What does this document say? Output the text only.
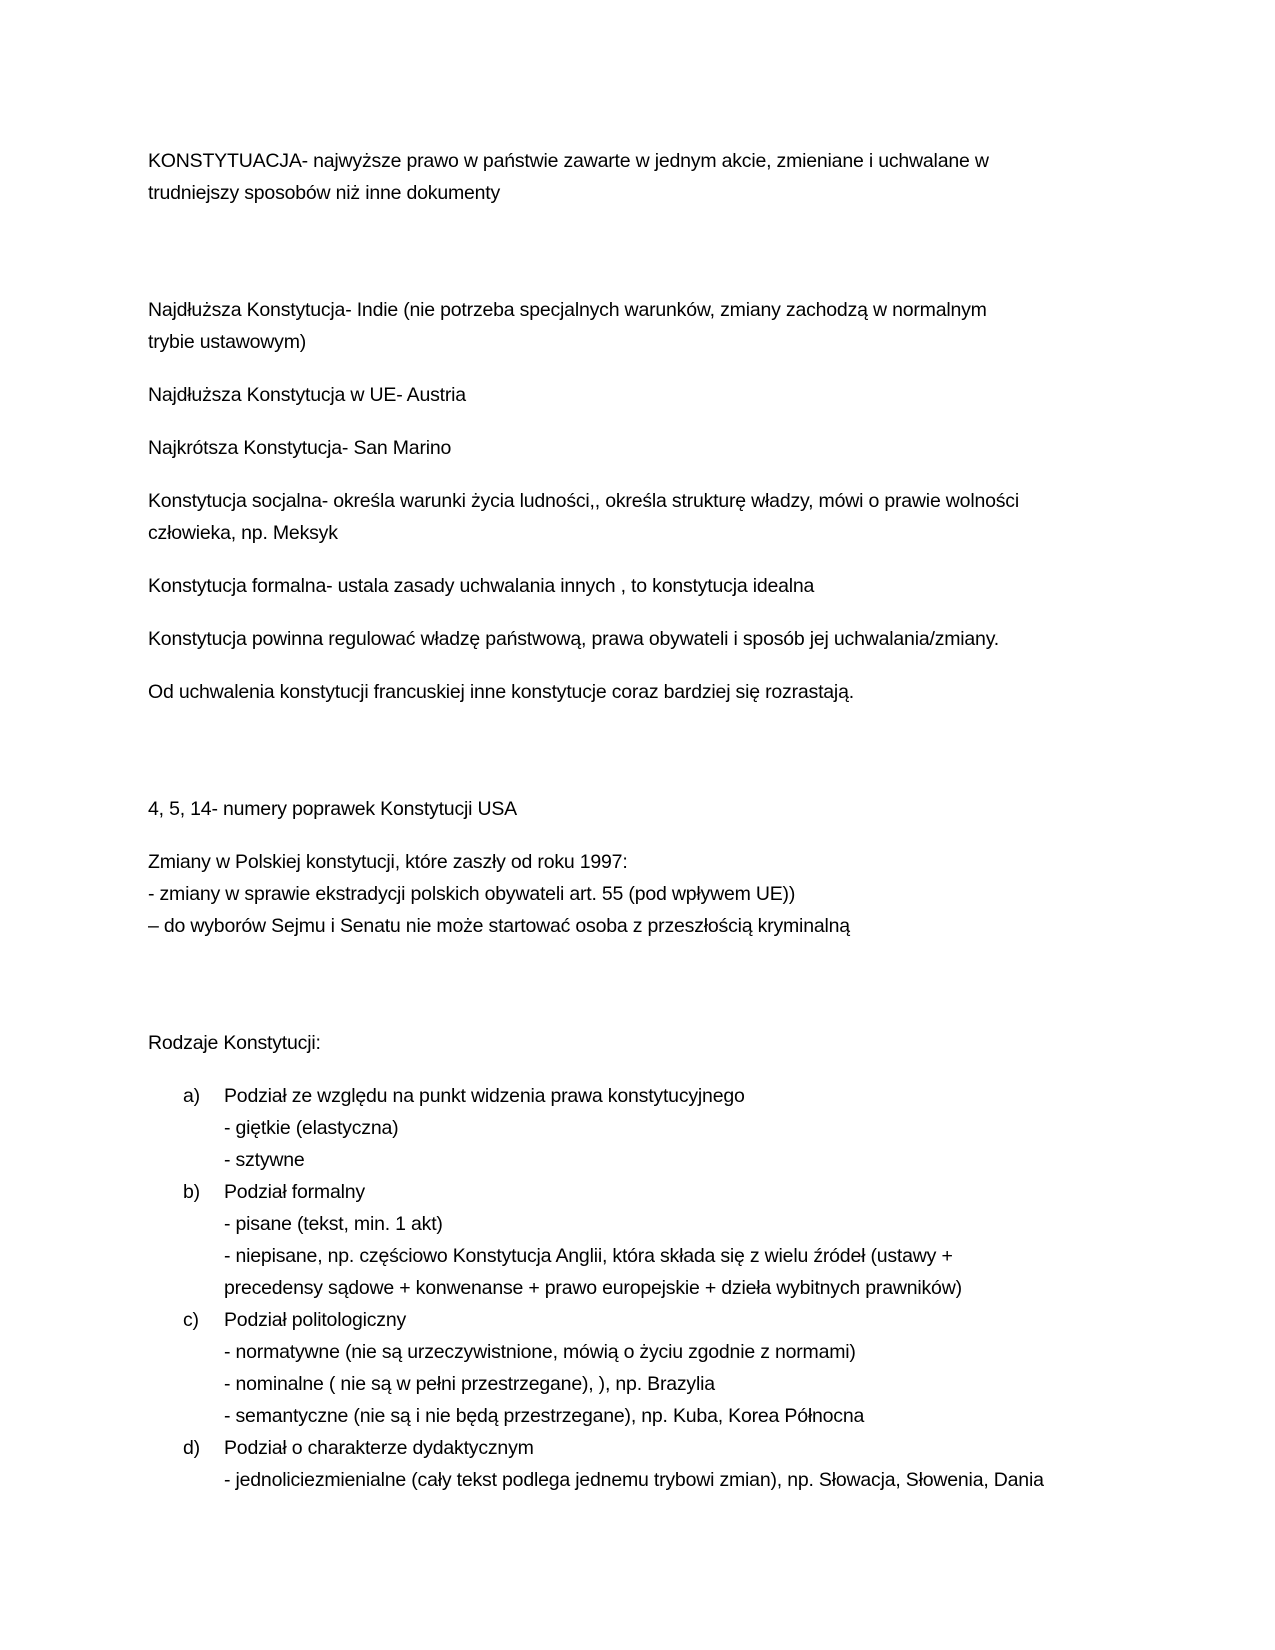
KONSTYTUACJA- najwyższe prawo w państwie zawarte w jednym akcie, zmieniane i uchwalane w
trudniejszy sposobów niż inne dokumenty

Najdłuższa Konstytucja- Indie (nie potrzeba specjalnych warunków, zmiany zachodzą w normalnym
trybie ustawowym)

Najdłuższa Konstytucja w UE- Austria

Najkrótsza Konstytucja- San Marino

Konstytucja socjalna- określa warunki życia ludności,, określa strukturę władzy, mówi o prawie wolności
człowieka, np. Meksyk

Konstytucja formalna- ustala zasady uchwalania innych , to konstytucja idealna

Konstytucja powinna regulować władzę państwową, prawa obywateli i sposób jej uchwalania/zmiany.

Od uchwalenia konstytucji francuskiej inne konstytucje coraz bardziej się rozrastają.

4, 5, 14- numery poprawek Konstytucji USA

Zmiany w Polskiej konstytucji, które zaszły od roku 1997:
- zmiany w sprawie ekstradycji polskich obywateli art. 55 (pod wpływem UE))
– do wyborów Sejmu i Senatu nie może startować osoba z przeszłością kryminalną

Rodzaje Konstytucji:

a) Podział ze względu na punkt widzenia prawa konstytucyjnego
- giętkie (elastyczna)
- sztywne
b) Podział formalny
- pisane (tekst, min. 1 akt)
- niepisane, np. częściowo Konstytucja Anglii, która składa się z wielu źródeł (ustawy +
precedensy sądowe + konwenanse + prawo europejskie + dzieła wybitnych prawników)
c) Podział politologiczny
- normatywne (nie są urzeczywistnione, mówią o życiu zgodnie z normami)
- nominalne ( nie są w pełni przestrzegane), ), np. Brazylia
- semantyczne (nie są i nie będą przestrzegane), np. Kuba, Korea Północna
d) Podział o charakterze dydaktycznym
- jednoliciezmienialne (cały tekst podlega jednemu trybowi zmian), np. Słowacja, Słowenia, Dania
